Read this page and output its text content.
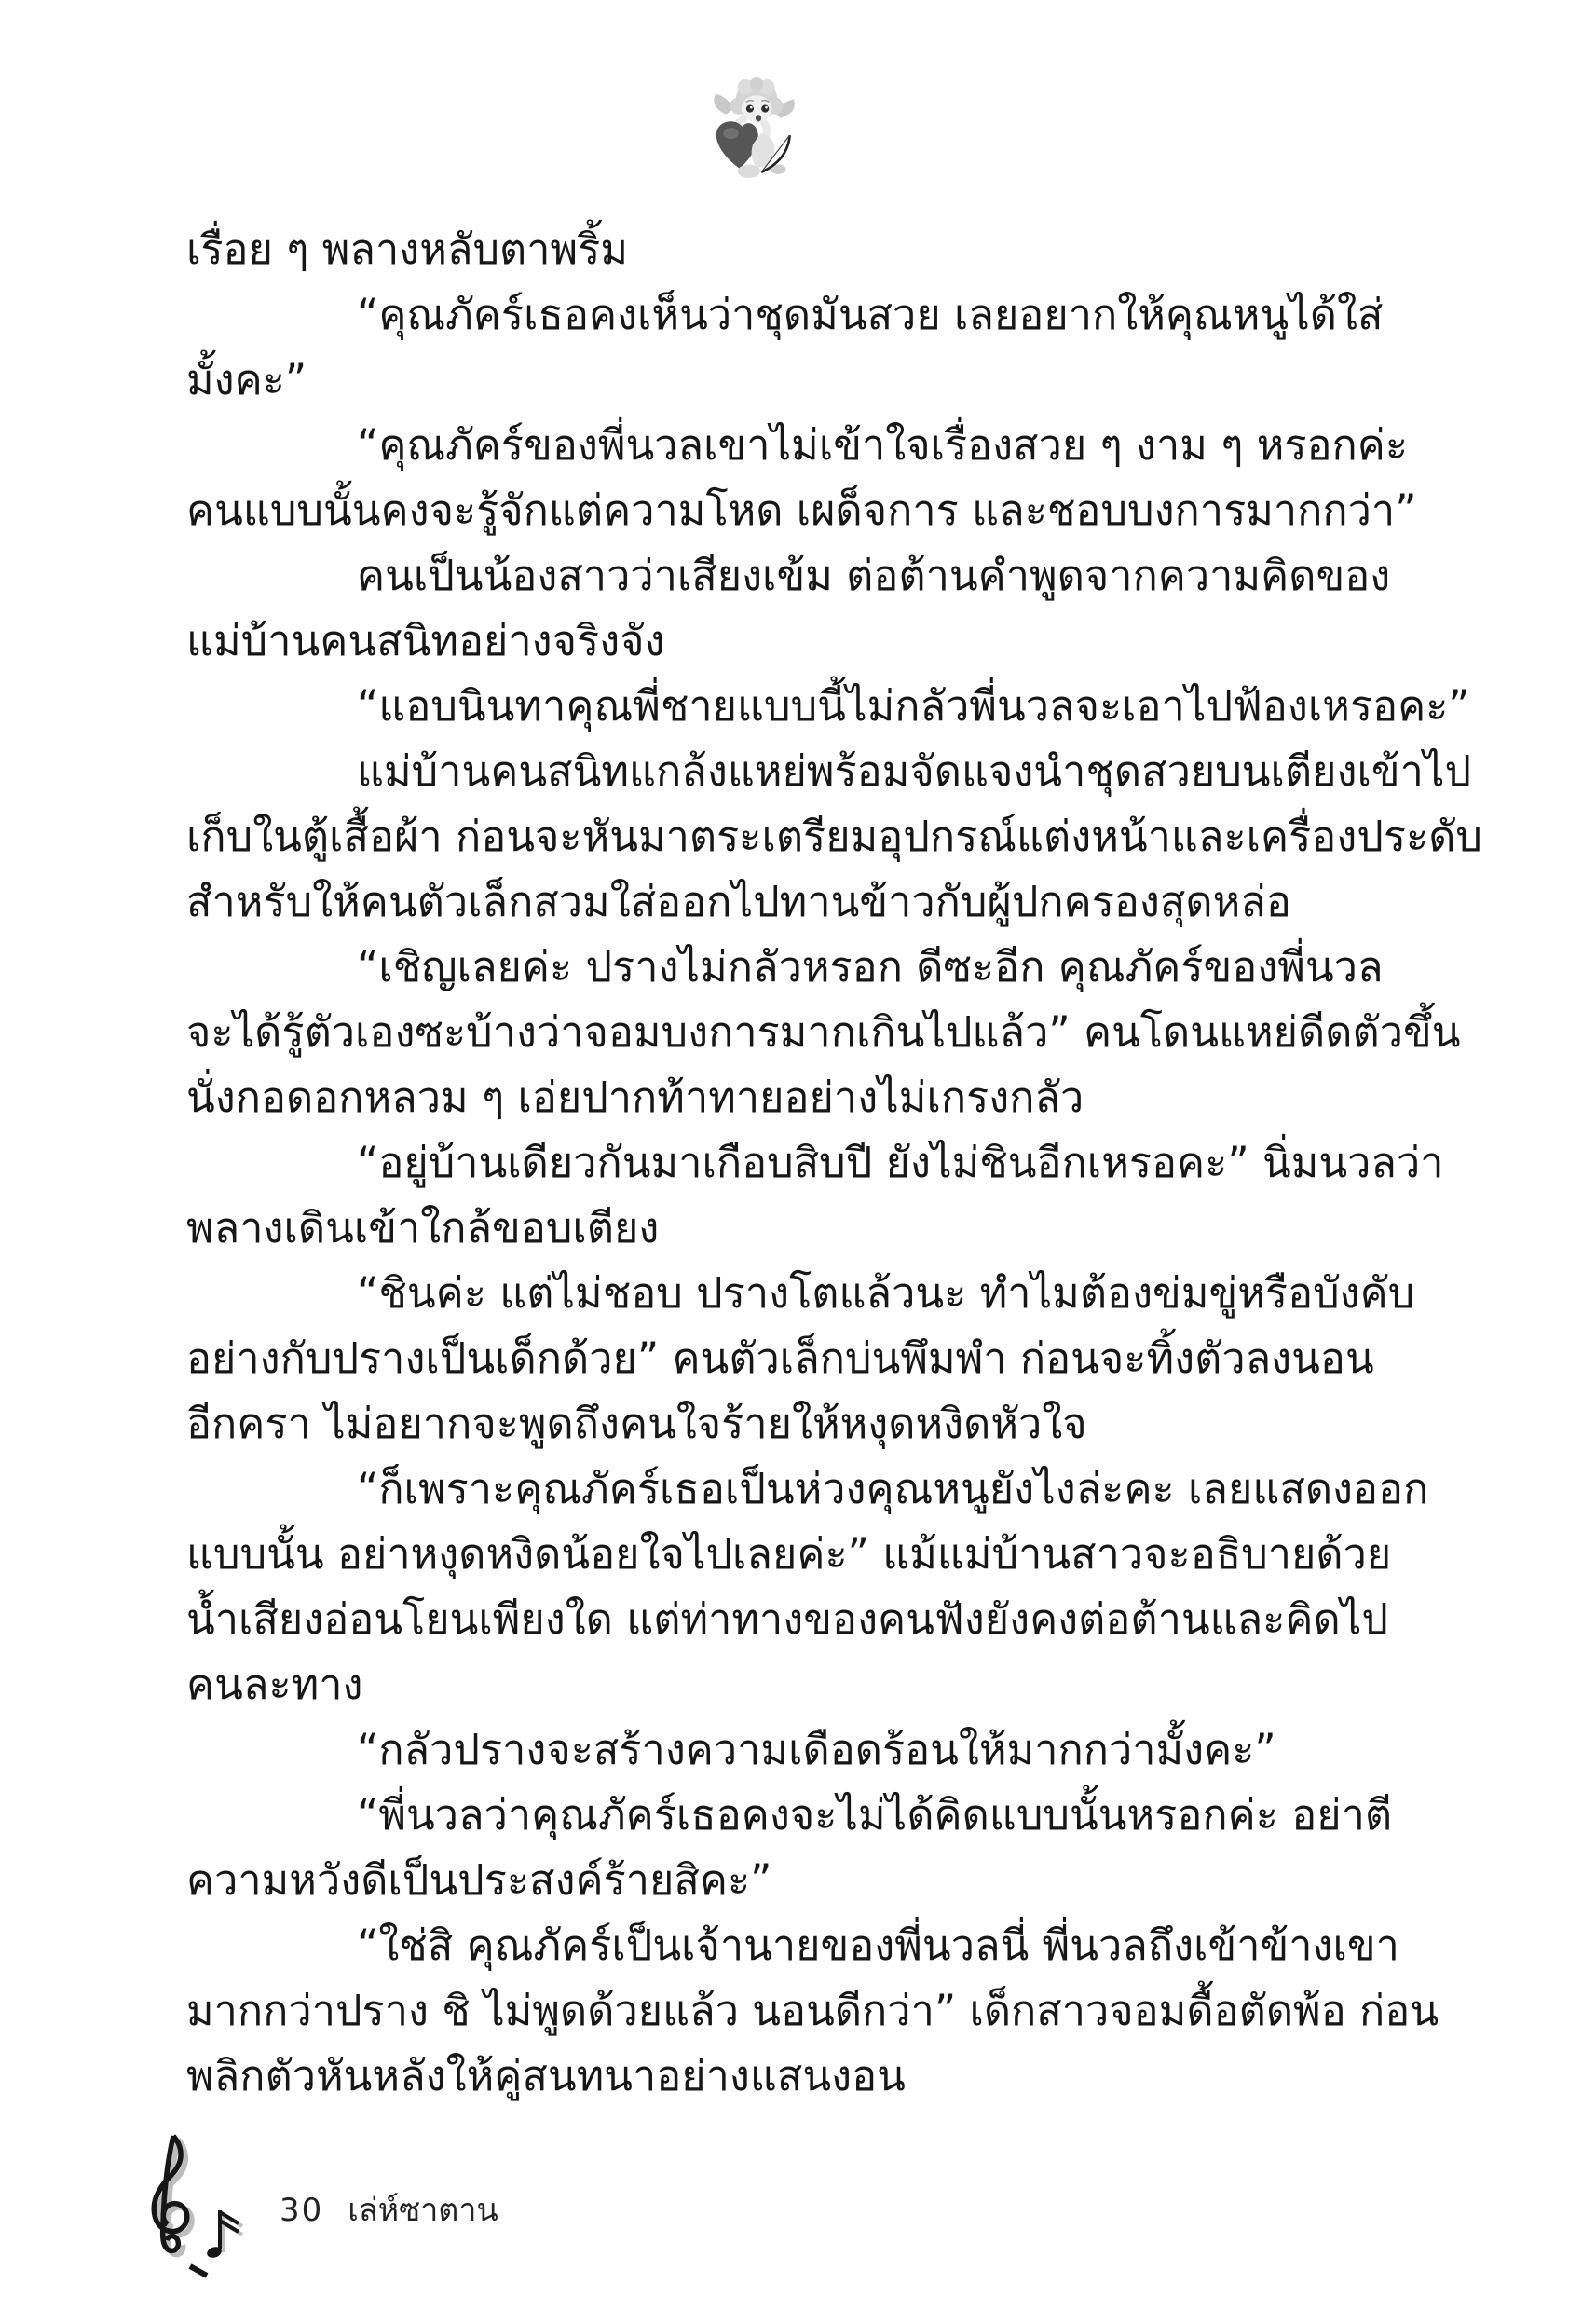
เรื่อย ๆ พลางหลับตาพริ้ม
“คุณภัคร์เธอคงเห็นว่าชุดมันสวย เลยอยากให้คุณหนูได้ใส่
มั้งคะ”
“คุณภัคร์ของพี่นวลเขาไม่เข้าใจเรื่องสวย ๆ งาม ๆ หรอกค่ะ
คนแบบนั้นคงจะรู้จักแต่ความโหด เผด็จการ และชอบบงการมากกว่า”
คนเป็นน้องสาวว่าเสียงเข้ม ต่อต้านคำพูดจากความคิดของ
แม่บ้านคนสนิทอย่างจริงจัง
“แอบนินทาคุณพี่ชายแบบนี้ไม่กลัวพี่นวลจะเอาไปฟ้องเหรอคะ”
แม่บ้านคนสนิทแกล้งแหย่พร้อมจัดแจงนำชุดสวยบนเตียงเข้าไป
เก็บในตู้เสื้อผ้า ก่อนจะหันมาตระเตรียมอุปกรณ์แต่งหน้าและเครื่องประดับ
สำหรับให้คนตัวเล็กสวมใส่ออกไปทานข้าวกับผู้ปกครองสุดหล่อ
“เชิญเลยค่ะ ปรางไม่กลัวหรอก ดีซะอีก คุณภัคร์ของพี่นวล
จะได้รู้ตัวเองซะบ้างว่าจอมบงการมากเกินไปแล้ว” คนโดนแหย่ดีดตัวขึ้น
นั่งกอดอกหลวม ๆ เอ่ยปากท้าทายอย่างไม่เกรงกลัว
“อยู่บ้านเดียวกันมาเกือบสิบปี ยังไม่ชินอีกเหรอคะ” นิ่มนวลว่า
พลางเดินเข้าใกล้ขอบเตียง
“ชินค่ะ แต่ไม่ชอบ ปรางโตแล้วนะ ทำไมต้องข่มขู่หรือบังคับ
อย่างกับปรางเป็นเด็กด้วย” คนตัวเล็กบ่นพึมพำ ก่อนจะทิ้งตัวลงนอน
อีกครา ไม่อยากจะพูดถึงคนใจร้ายให้หงุดหงิดหัวใจ
“ก็เพราะคุณภัคร์เธอเป็นห่วงคุณหนูยังไงล่ะคะ เลยแสดงออก
แบบนั้น อย่าหงุดหงิดน้อยใจไปเลยค่ะ” แม้แม่บ้านสาวจะอธิบายด้วย
น้ำเสียงอ่อนโยนเพียงใด แต่ท่าทางของคนฟังยังคงต่อต้านและคิดไป
คนละทาง
“กลัวปรางจะสร้างความเดือดร้อนให้มากกว่ามั้งคะ”
“พี่นวลว่าคุณภัคร์เธอคงจะไม่ได้คิดแบบนั้นหรอกค่ะ อย่าตี
ความหวังดีเป็นประสงค์ร้ายสิคะ”
“ใช่สิ คุณภัคร์เป็นเจ้านายของพี่นวลนี่ พี่นวลถึงเข้าข้างเขา
มากกว่าปราง ชิ ไม่พูดด้วยแล้ว นอนดีกว่า” เด็กสาวจอมดื้อตัดพ้อ ก่อน
พลิกตัวหันหลังให้คู่สนทนาอย่างแสนงอน
30 เล่ห์ซาตาน
